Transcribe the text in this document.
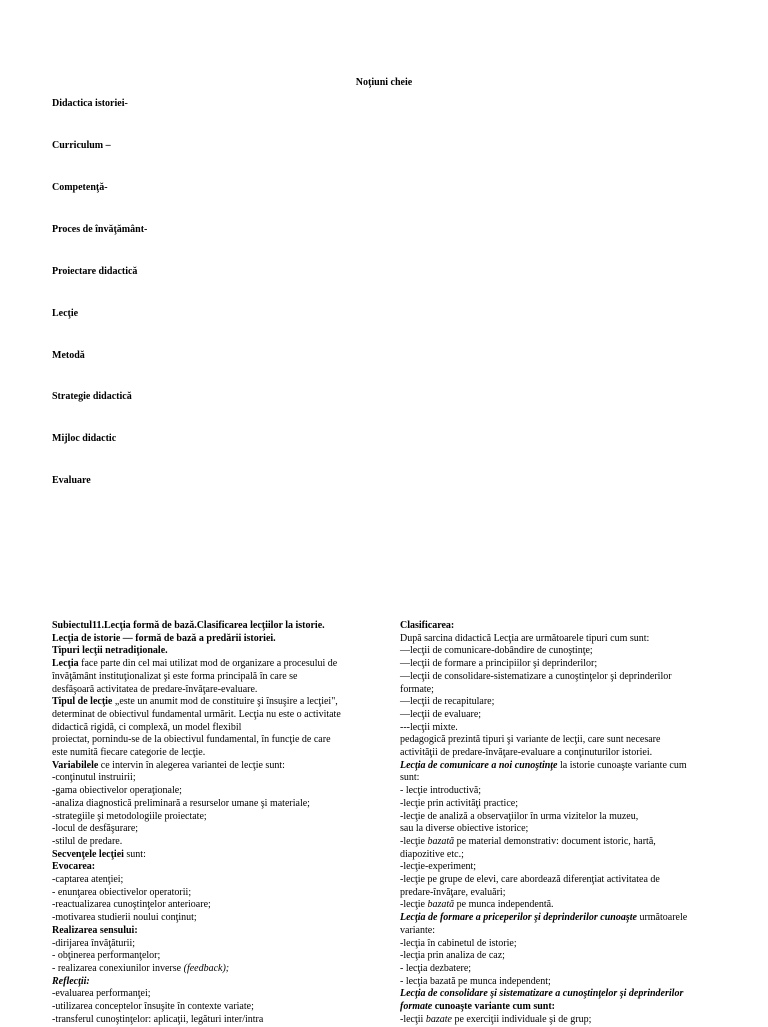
Noţiuni cheie
Didactica istoriei-
Curriculum –
Competenţă-
Proces de învăţământ-
Proiectare didactică
Lecţie
Metodă
Strategie didactică
Mijloc didactic
Evaluare
Subiectul11.Lecţia formă de bază.Clasificarea lecţiilor la istorie.
Lecţia de istorie — formă de bază a predării istoriei.
Tipuri lecţii netradiţionale.
Lecţia face parte din cel mai utilizat mod de organizare a procesului de
învăţământ instituţionalizat şi este forma principală în care se
desfăşoară activitatea de predare-învăţare-evaluare.
Tipul de lecţie „este un anumit mod de constituire şi însuşire a lecţiei",
determinat de obiectivul fundamental urmărit. Lecţia nu este o activitate
didactică rigidă, ci complexă, un model flexibil
proiectat, pornindu-se de la obiectivul fundamental, în funcţie de care
este numită fiecare categorie de lecţie.
Variabilele ce intervin în alegerea variantei de lecţie sunt:
-conţinutul instruirii;
-gama obiectivelor operaţionale;
-analiza diagnostică preliminară a resurselor umane şi materiale;
-strategiile şi metodologiile proiectate;
-locul de desfăşurare;
-stilul de predare.
Secvenţele lecţiei sunt:
Evocarea:
-captarea atenţiei;
- enunţarea obiectivelor operatorii;
-reactualizarea cunoştinţelor anterioare;
-motivarea studierii noului conţinut;
Realizarea sensului:
-dirijarea învăţăturii;
- obţinerea performanţelor;
- realizarea conexiunilor inverse (feedback);
Reflecţii:
-evaluarea performanţei;
-utilizarea conceptelor însuşite în contexte variate;
-transferul cunoştinţelor: aplicaţii, legături inter/intra
Clasificarea:
După sarcina didactică Lecţia are următoarele tipuri cum sunt:
—lecţii de comunicare-dobândire de cunoştinţe;
—lecţii de formare a principiilor şi deprinderilor;
—lecţii de consolidare-sistematizare a cunoştinţelor şi deprinderilor
formate;
—lecţii de recapitulare;
—lecţii de evaluare;
---lecţii mixte.
pedagogică prezintă tipuri şi variante de lecţii, care sunt necesare
activităţii de predare-învăţare-evaluare a conţinuturilor istoriei.
Lecţia de comunicare a noi cunoştinţe la istorie cunoaşte variante cum
sunt:
- lecţie introductivă;
-lecţie prin activităţi practice;
-lecţie de analiză a observaţiilor în urma vizitelor la muzeu,
sau la diverse obiective istorice;
-lecţie bazată pe material demonstrativ: document istoric, hartă,
diapozitive etc.;
-lecţie-experiment;
-lecţie pe grupe de elevi, care abordează diferenţiat activitatea de
predare-învăţare, evaluări;
-lecţie bazată pe munca independentă.
Lecţia de formare a priceperilor şi deprinderilor cunoaşte următoarele
variante:
-lecţia în cabinetul de istorie;
-lecţia prin analiza de caz;
- lecţia dezbatere;
- lecţia bazată pe munca independent;
Lecţia de consolidare şi sistematizare a cunoştinţelor şi deprinderilor
formate cunoaşte variante cum sunt:
-lecţii bazate pe exerciţii individuale şi de grup;
